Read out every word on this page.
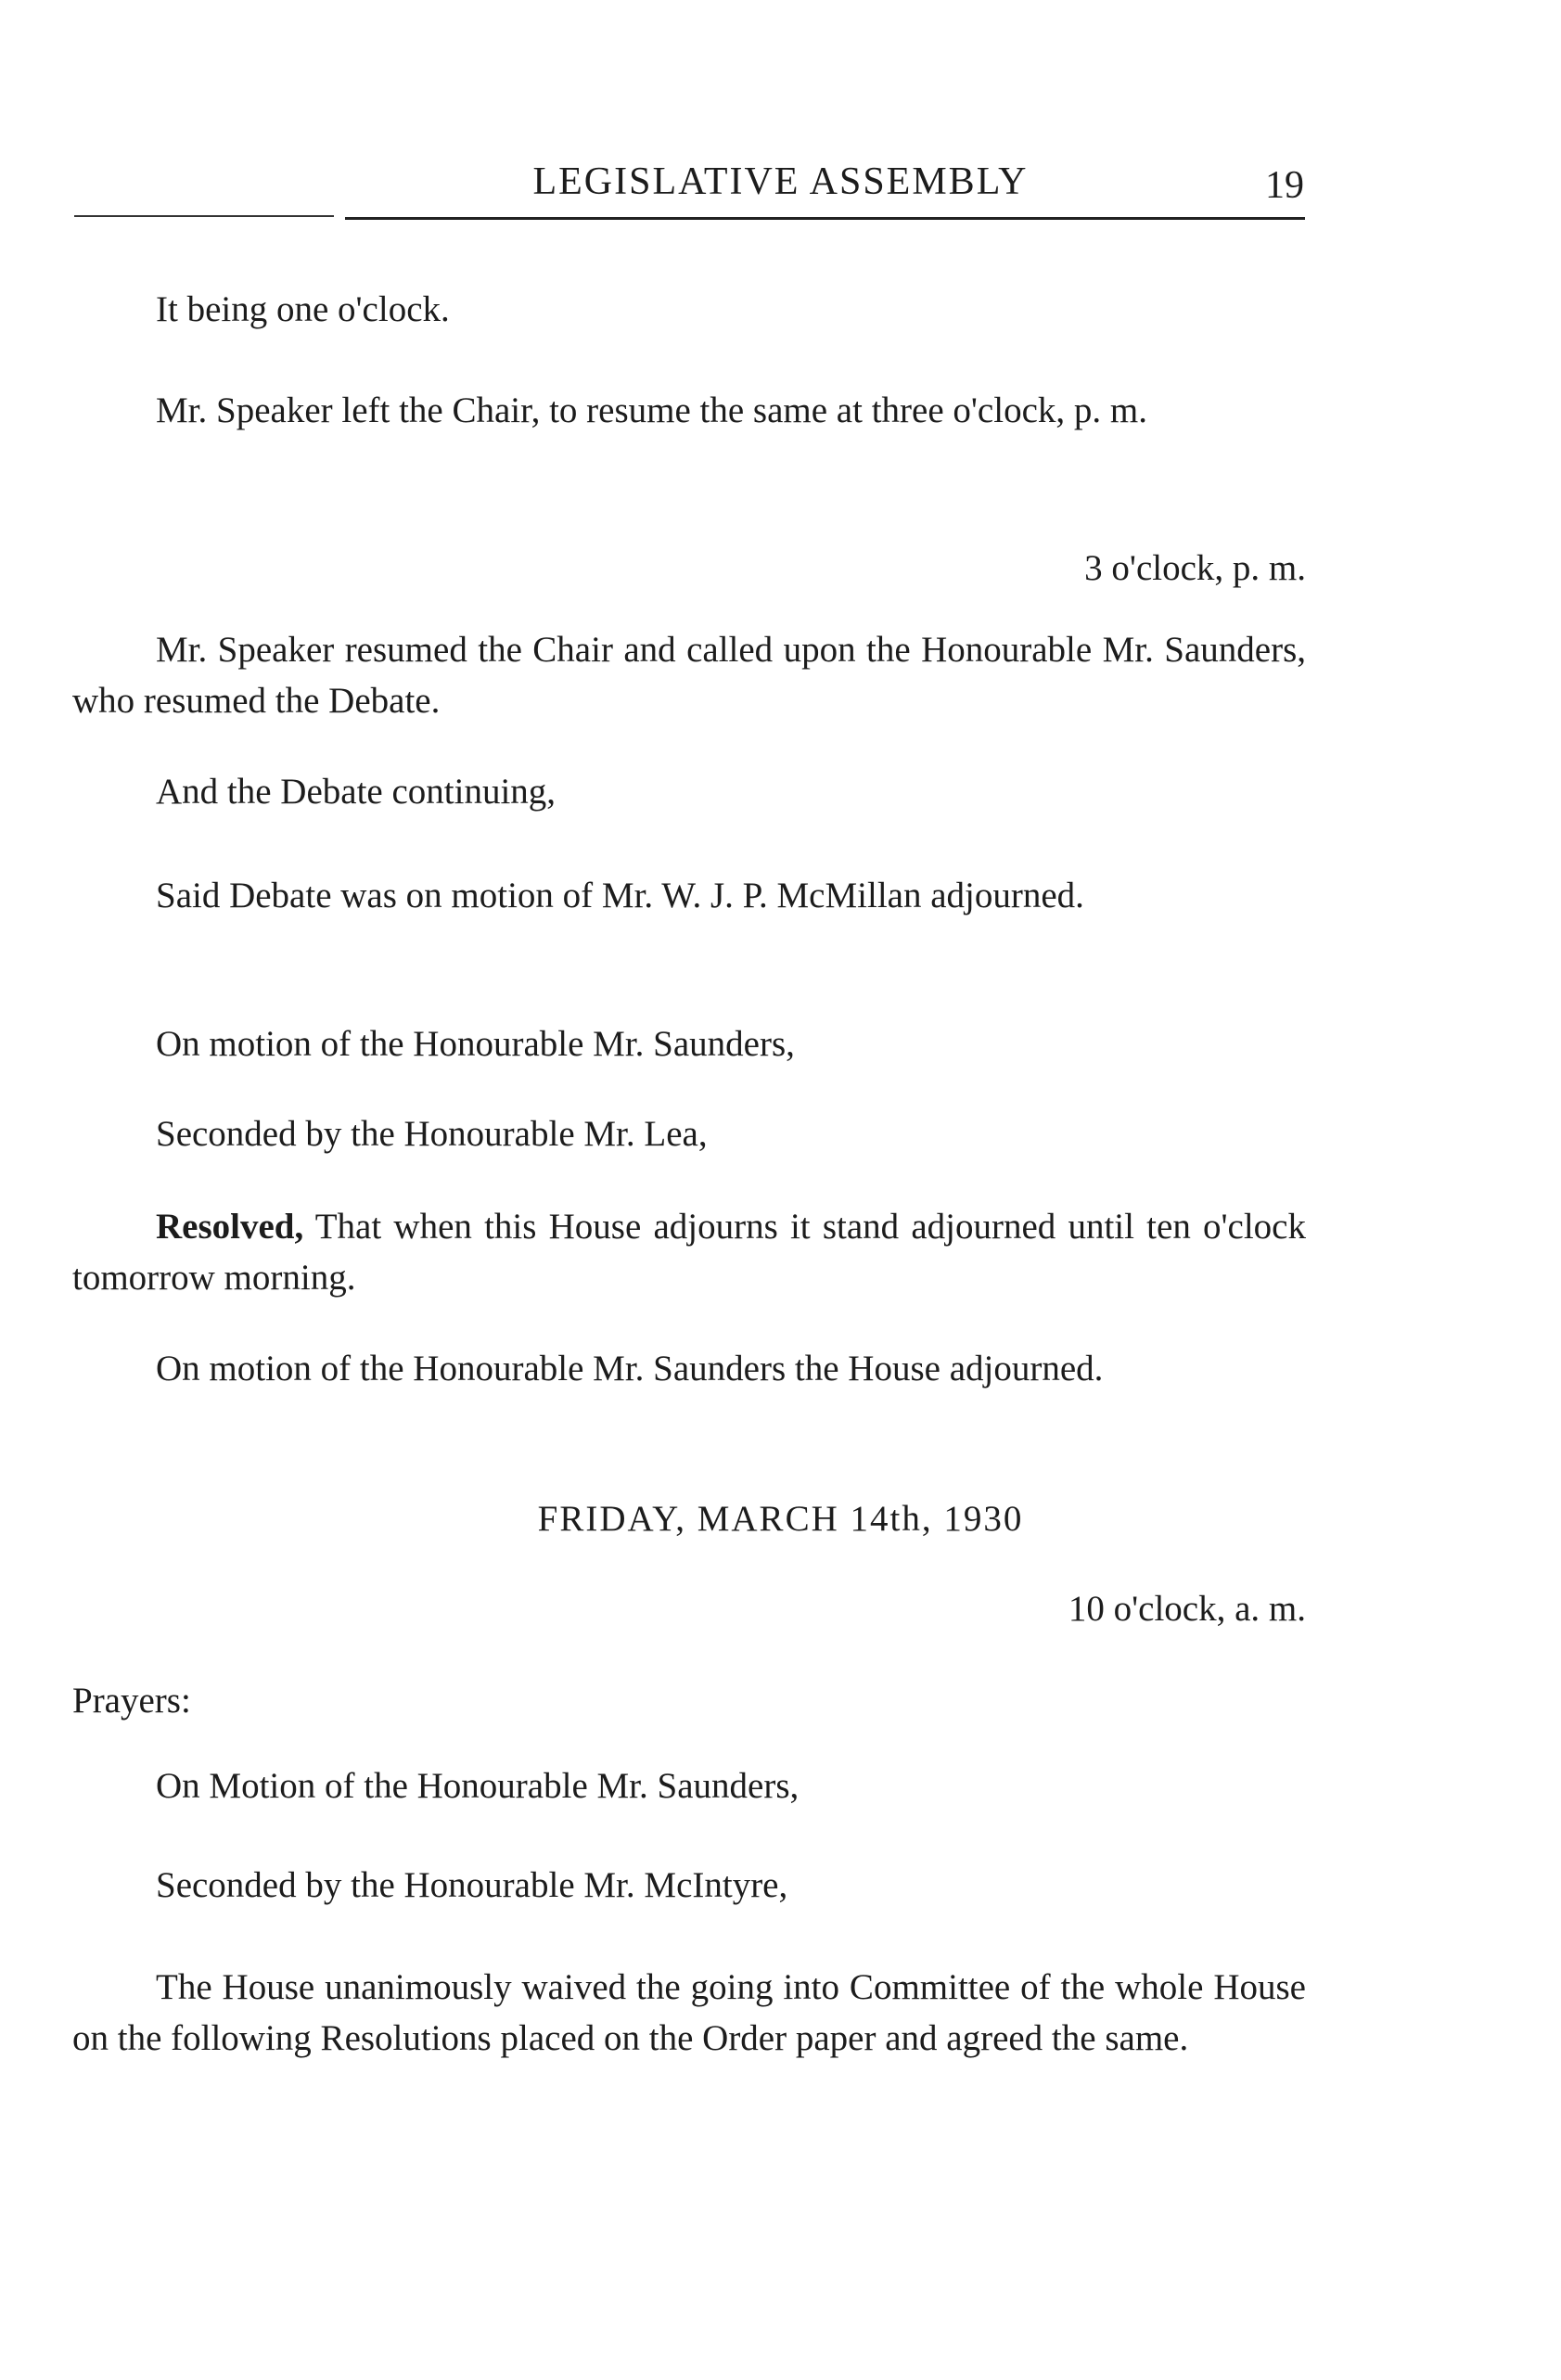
LEGISLATIVE ASSEMBLY	19
It being one o'clock.
Mr. Speaker left the Chair, to resume the same at three o'clock, p. m.
3 o'clock, p. m.
Mr. Speaker resumed the Chair and called upon the Honourable Mr. Saunders, who resumed the Debate.
And the Debate continuing,
Said Debate was on motion of Mr. W. J. P. McMillan adjourned.
On motion of the Honourable Mr. Saunders,
Seconded by the Honourable Mr. Lea,
Resolved, That when this House adjourns it stand adjourned until ten o'clock tomorrow morning.
On motion of the Honourable Mr. Saunders the House adjourned.
FRIDAY, MARCH 14th, 1930
10 o'clock, a. m.
Prayers:
On Motion of the Honourable Mr. Saunders,
Seconded by the Honourable Mr. McIntyre,
The House unanimously waived the going into Committee of the whole House on the following Resolutions placed on the Order paper and agreed the same.
